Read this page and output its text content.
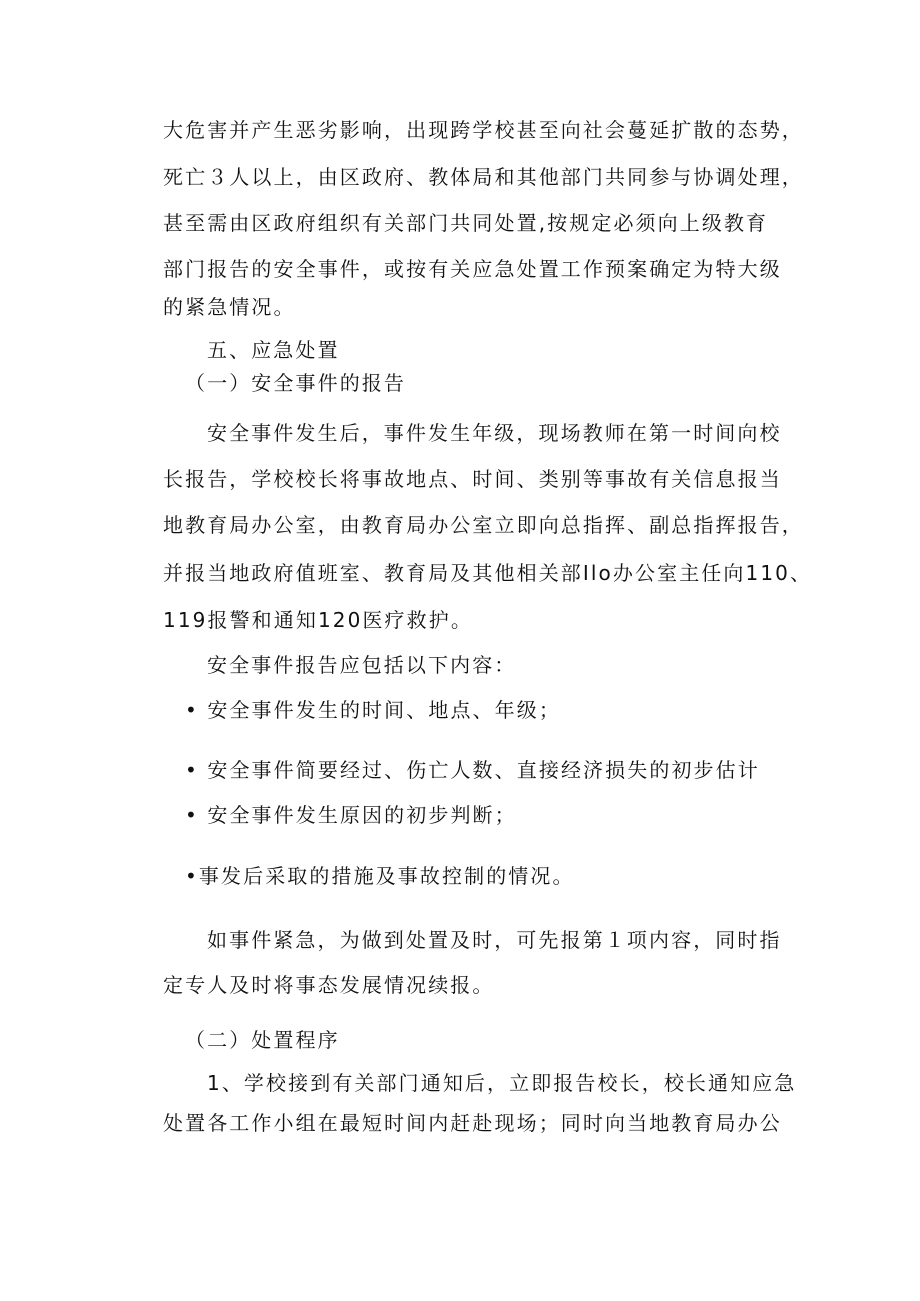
大危害并产生恶劣影响，出现跨学校甚至向社会蔓延扩散的态势，
死亡３人以上，由区政府、教体局和其他部门共同参与协调处理，
甚至需由区政府组织有关部门共同处置,按规定必须向上级教育
部门报告的安全事件，或按有关应急处置工作预案确定为特大级
的紧急情况。
五、应急处置
（一）安全事件的报告
安全事件发生后，事件发生年级，现场教师在第一时间向校
长报告，学校校长将事故地点、时间、类别等事故有关信息报当
地教育局办公室，由教育局办公室立即向总指挥、副总指挥报告，
并报当地政府值班室、教育局及其他相关部Ilo办公室主任向110、
119报警和通知120医疗救护。
安全事件报告应包括以下内容：
• 安全事件发生的时间、地点、年级；
• 安全事件简要经过、伤亡人数、直接经济损失的初步估计
• 安全事件发生原因的初步判断；
•事发后采取的措施及事故控制的情况。
如事件紧急，为做到处置及时，可先报第１项内容，同时指
定专人及时将事态发展情况续报。
（二）处置程序
1、学校接到有关部门通知后，立即报告校长，校长通知应急
处置各工作小组在最短时间内赶赴现场；同时向当地教育局办公
